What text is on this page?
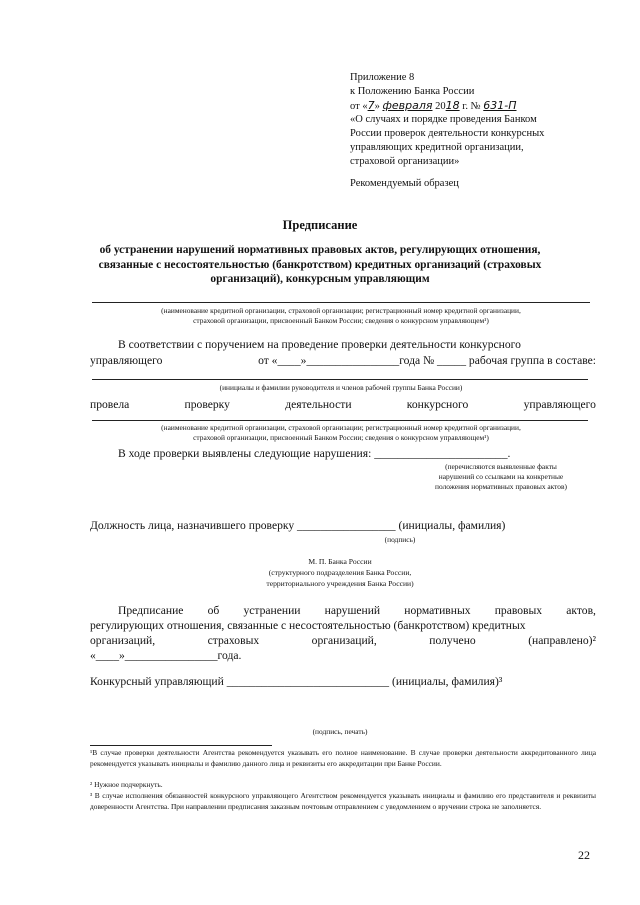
Приложение 8
к Положению Банка России
от «7» февраля 2018 г. № 631-П
«О случаях и порядке проведения Банком
России проверок деятельности конкурсных
управляющих кредитной организации,
страховой организации»
Рекомендуемый образец
Предписание
об устранении нарушений нормативных правовых актов, регулирующих отношения,
связанные с несостоятельностью (банкротством) кредитных организаций (страховых
организаций), конкурсным управляющим
(наименование кредитной организации, страховой организации; регистрационный номер кредитной организации,
страховой организации, присвоенный Банком России; сведения о конкурсном управляющем¹)
В соответствии с поручением на проведение проверки деятельности конкурсного
управляющего	от «____»________________года № _____ рабочая группа в составе:
(инициалы и фамилии руководителя и членов рабочей группы Банка России)
провела	проверку	деятельности	конкурсного	управляющего
(наименование кредитной организации, страховой организации; регистрационный номер кредитной организации,
страховой организации, присвоенный Банком России; сведения о конкурсном управляющем¹)
В ходе проверки выявлены следующие нарушения: _______________________.
(перечисляются выявленные факты
нарушений со ссылками на конкретные
положения нормативных правовых актов)
Должность лица, назначившего проверку _________________ (инициалы, фамилия)
(подпись)
М. П. Банка России
(структурного подразделения Банка России,
территориального учреждения Банка России)
Предписание об устранении нарушений нормативных правовых актов,
регулирующих отношения, связанные с несостоятельностью (банкротством) кредитных
организаций,	страховых	организаций,	получено	(направлено)²
«____»________________года.
Конкурсный управляющий ____________________________ (инициалы, фамилия)³
(подпись, печать)
¹В случае проверки деятельности Агентства рекомендуется указывать его полное наименование. В случае проверки деятельности аккредитованного лица рекомендуется указывать инициалы и фамилию данного лица и реквизиты его аккредитации при Банке России.
² Нужное подчеркнуть.
³ В случае исполнения обязанностей конкурсного управляющего Агентством рекомендуется указывать инициалы и фамилию его представителя и реквизиты доверенности Агентства. При направлении предписания заказным почтовым отправлением с уведомлением о вручении строка не заполняется.
22
